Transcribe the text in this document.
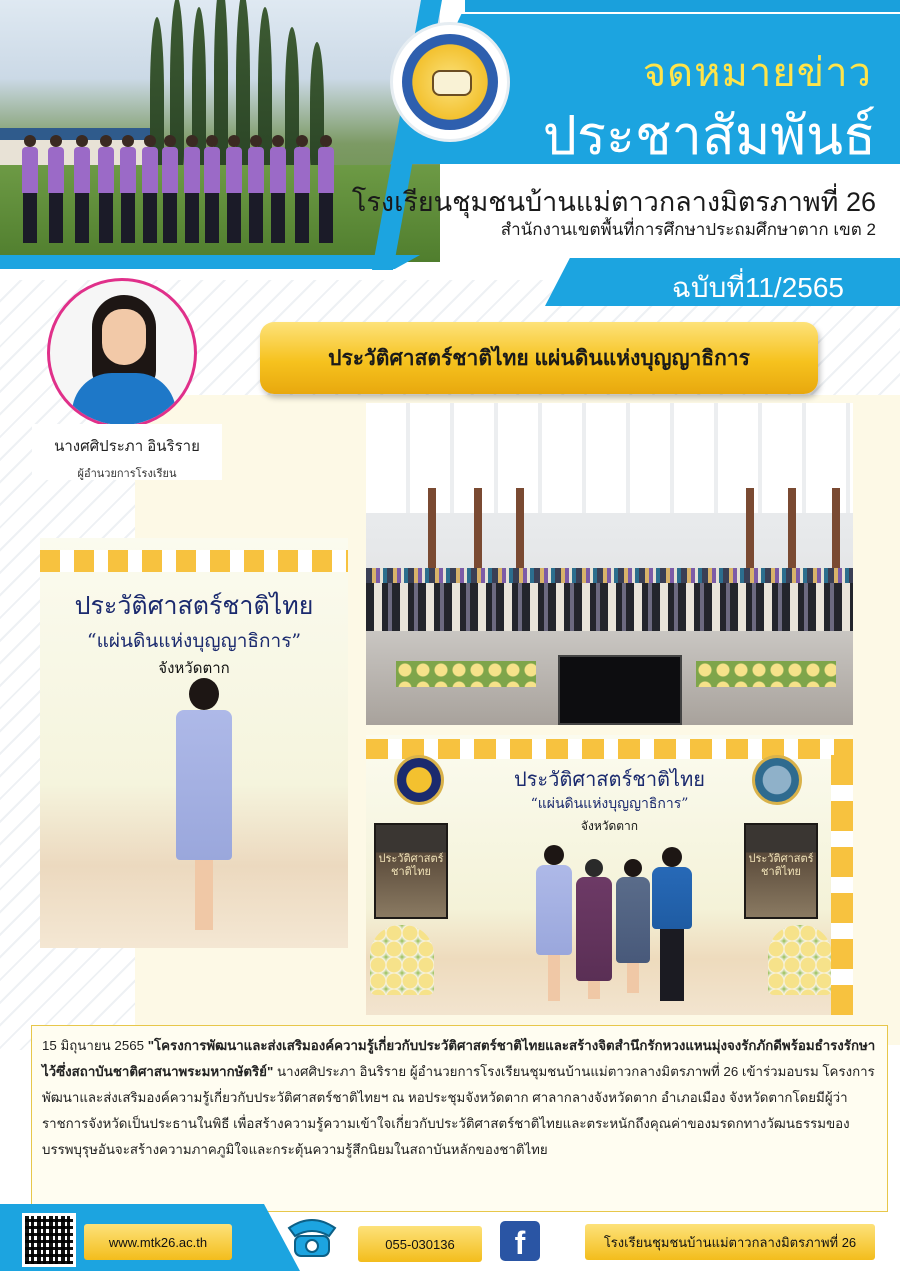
จดหมายข่าว
ประชาสัมพันธ์
โรงเรียนชุมชนบ้านแม่ตาวกลางมิตรภาพที่ 26
สำนักงานเขตพื้นที่การศึกษาประถมศึกษาตาก เขต 2
ฉบับที่11/2565
นางศศิประภา อินริราย
ผู้อำนวยการโรงเรียน
ประวัติศาสตร์ชาติไทย แผ่นดินแห่งบุญญาธิการ
ประวัติศาสตร์ชาติไทย
“แผ่นดินแห่งบุญญาธิการ”
จังหวัดตาก
ประวัติศาสตร์ชาติไทย
“แผ่นดินแห่งบุญญาธิการ”
จังหวัดตาก
ประวัติศาสตร์
ชาติไทย
ประวัติศาสตร์
ชาติไทย

15 มิถุนายน 2565 "โครงการพัฒนาและส่งเสริมองค์ความรู้เกี่ยวกับประวัติศาสตร์ชาติไทยและสร้างจิตสำนึกรักหวงแหนมุ่งจงรักภักดีพร้อมธำรงรักษาไว้ซึ่งสถาบันชาติศาสนาพระมหากษัตริย์" นางศศิประภา อินริราย ผู้อำนวยการโรงเรียนชุมชนบ้านแม่ตาวกลางมิตรภาพที่ 26 เข้าร่วมอบรม โครงการ พัฒนาและส่งเสริมองค์ความรู้เกี่ยวกับประวัติศาสตร์ชาติไทยฯ ณ หอประชุมจังหวัดตาก ศาลากลางจังหวัดตาก อำเภอเมือง จังหวัดตากโดยมีผู้ว่าราชการจังหวัดเป็นประธานในพิธี เพื่อสร้างความรู้ความเข้าใจเกี่ยวกับประวัติศาสตร์ชาติไทยและตระหนักถึงคุณค่าของมรดกทางวัฒนธรรมของบรรพบุรุษอันจะสร้างความภาคภูมิใจและกระตุ้นความรู้สึกนิยมในสถาบันหลักของชาติไทย

www.mtk26.ac.th	055-030136	f	โรงเรียนชุมชนบ้านแม่ตาวกลางมิตรภาพที่ 26
